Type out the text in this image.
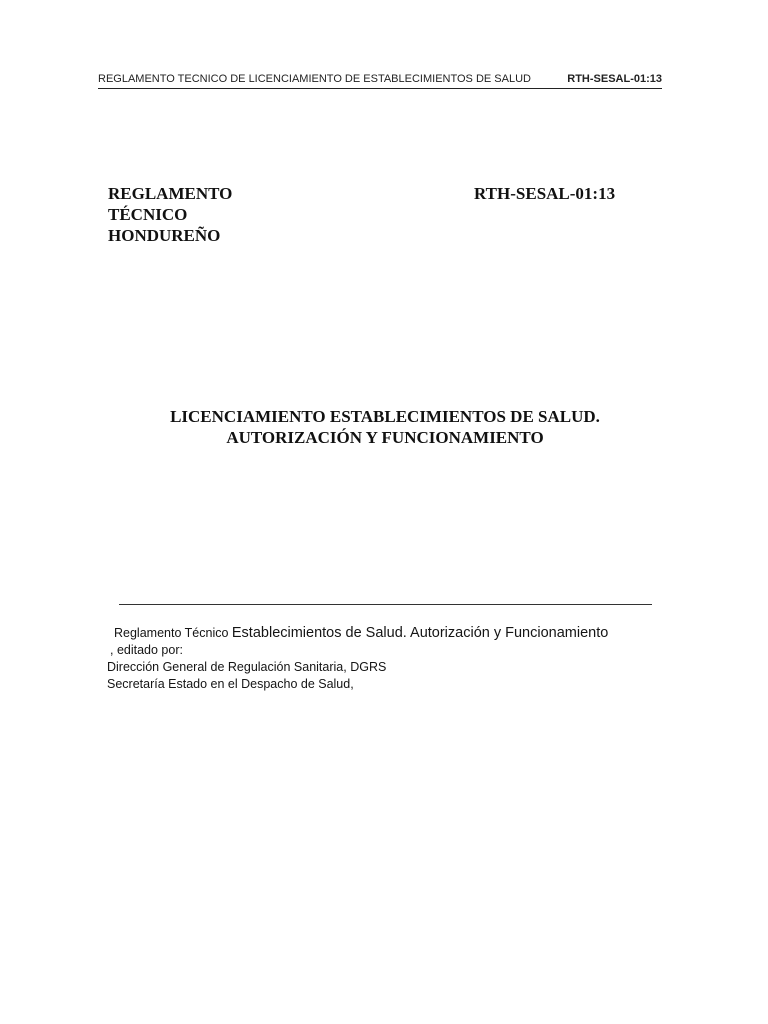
REGLAMENTO TECNICO DE LICENCIAMIENTO DE ESTABLECIMIENTOS DE SALUD	RTH-SESAL-01:13
REGLAMENTO
TÉCNICO
HONDUREÑO
RTH-SESAL-01:13
LICENCIAMIENTO ESTABLECIMIENTOS DE SALUD.
AUTORIZACIÓN Y FUNCIONAMIENTO
Reglamento Técnico Establecimientos de Salud. Autorización y Funcionamiento
, editado por:
Dirección General de Regulación Sanitaria, DGRS
Secretaría Estado en el Despacho de Salud,
